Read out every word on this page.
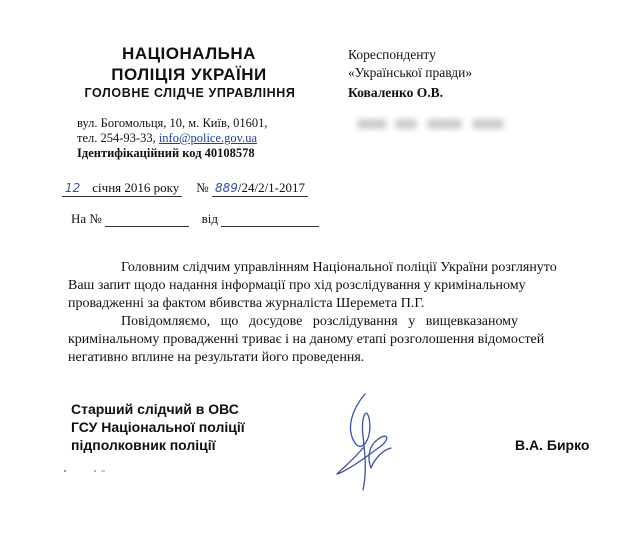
НАЦІОНАЛЬНА
ПОЛІЦІЯ УКРАЇНИ
ГОЛОВНЕ СЛІДЧЕ УПРАВЛІННЯ
вул. Богомольця, 10, м. Київ, 01601,
тел. 254-93-33, info@police.gov.ua
Ідентифікаційний код 40108578
Кореспонденту
«Української правди»
Коваленко О.В.
12 січня 2016 року № 889/24/2/1-2017
На №	від
Головним слідчим управлінням Національної поліції України розглянуто
Ваш запит щодо надання інформації про хід розслідування у кримінальному
провадженні за фактом вбивства журналіста Шеремета П.Г.
Повідомляємо,   що   досудове   розслідування   у   вищевказаному
кримінальному провадженні триває і на даному етапі розголошення відомостей
негативно вплине на результати його проведення.
Старший слідчий в ОВС
ГСУ Національної поліції
підполковник поліції	В.А. Бирко
